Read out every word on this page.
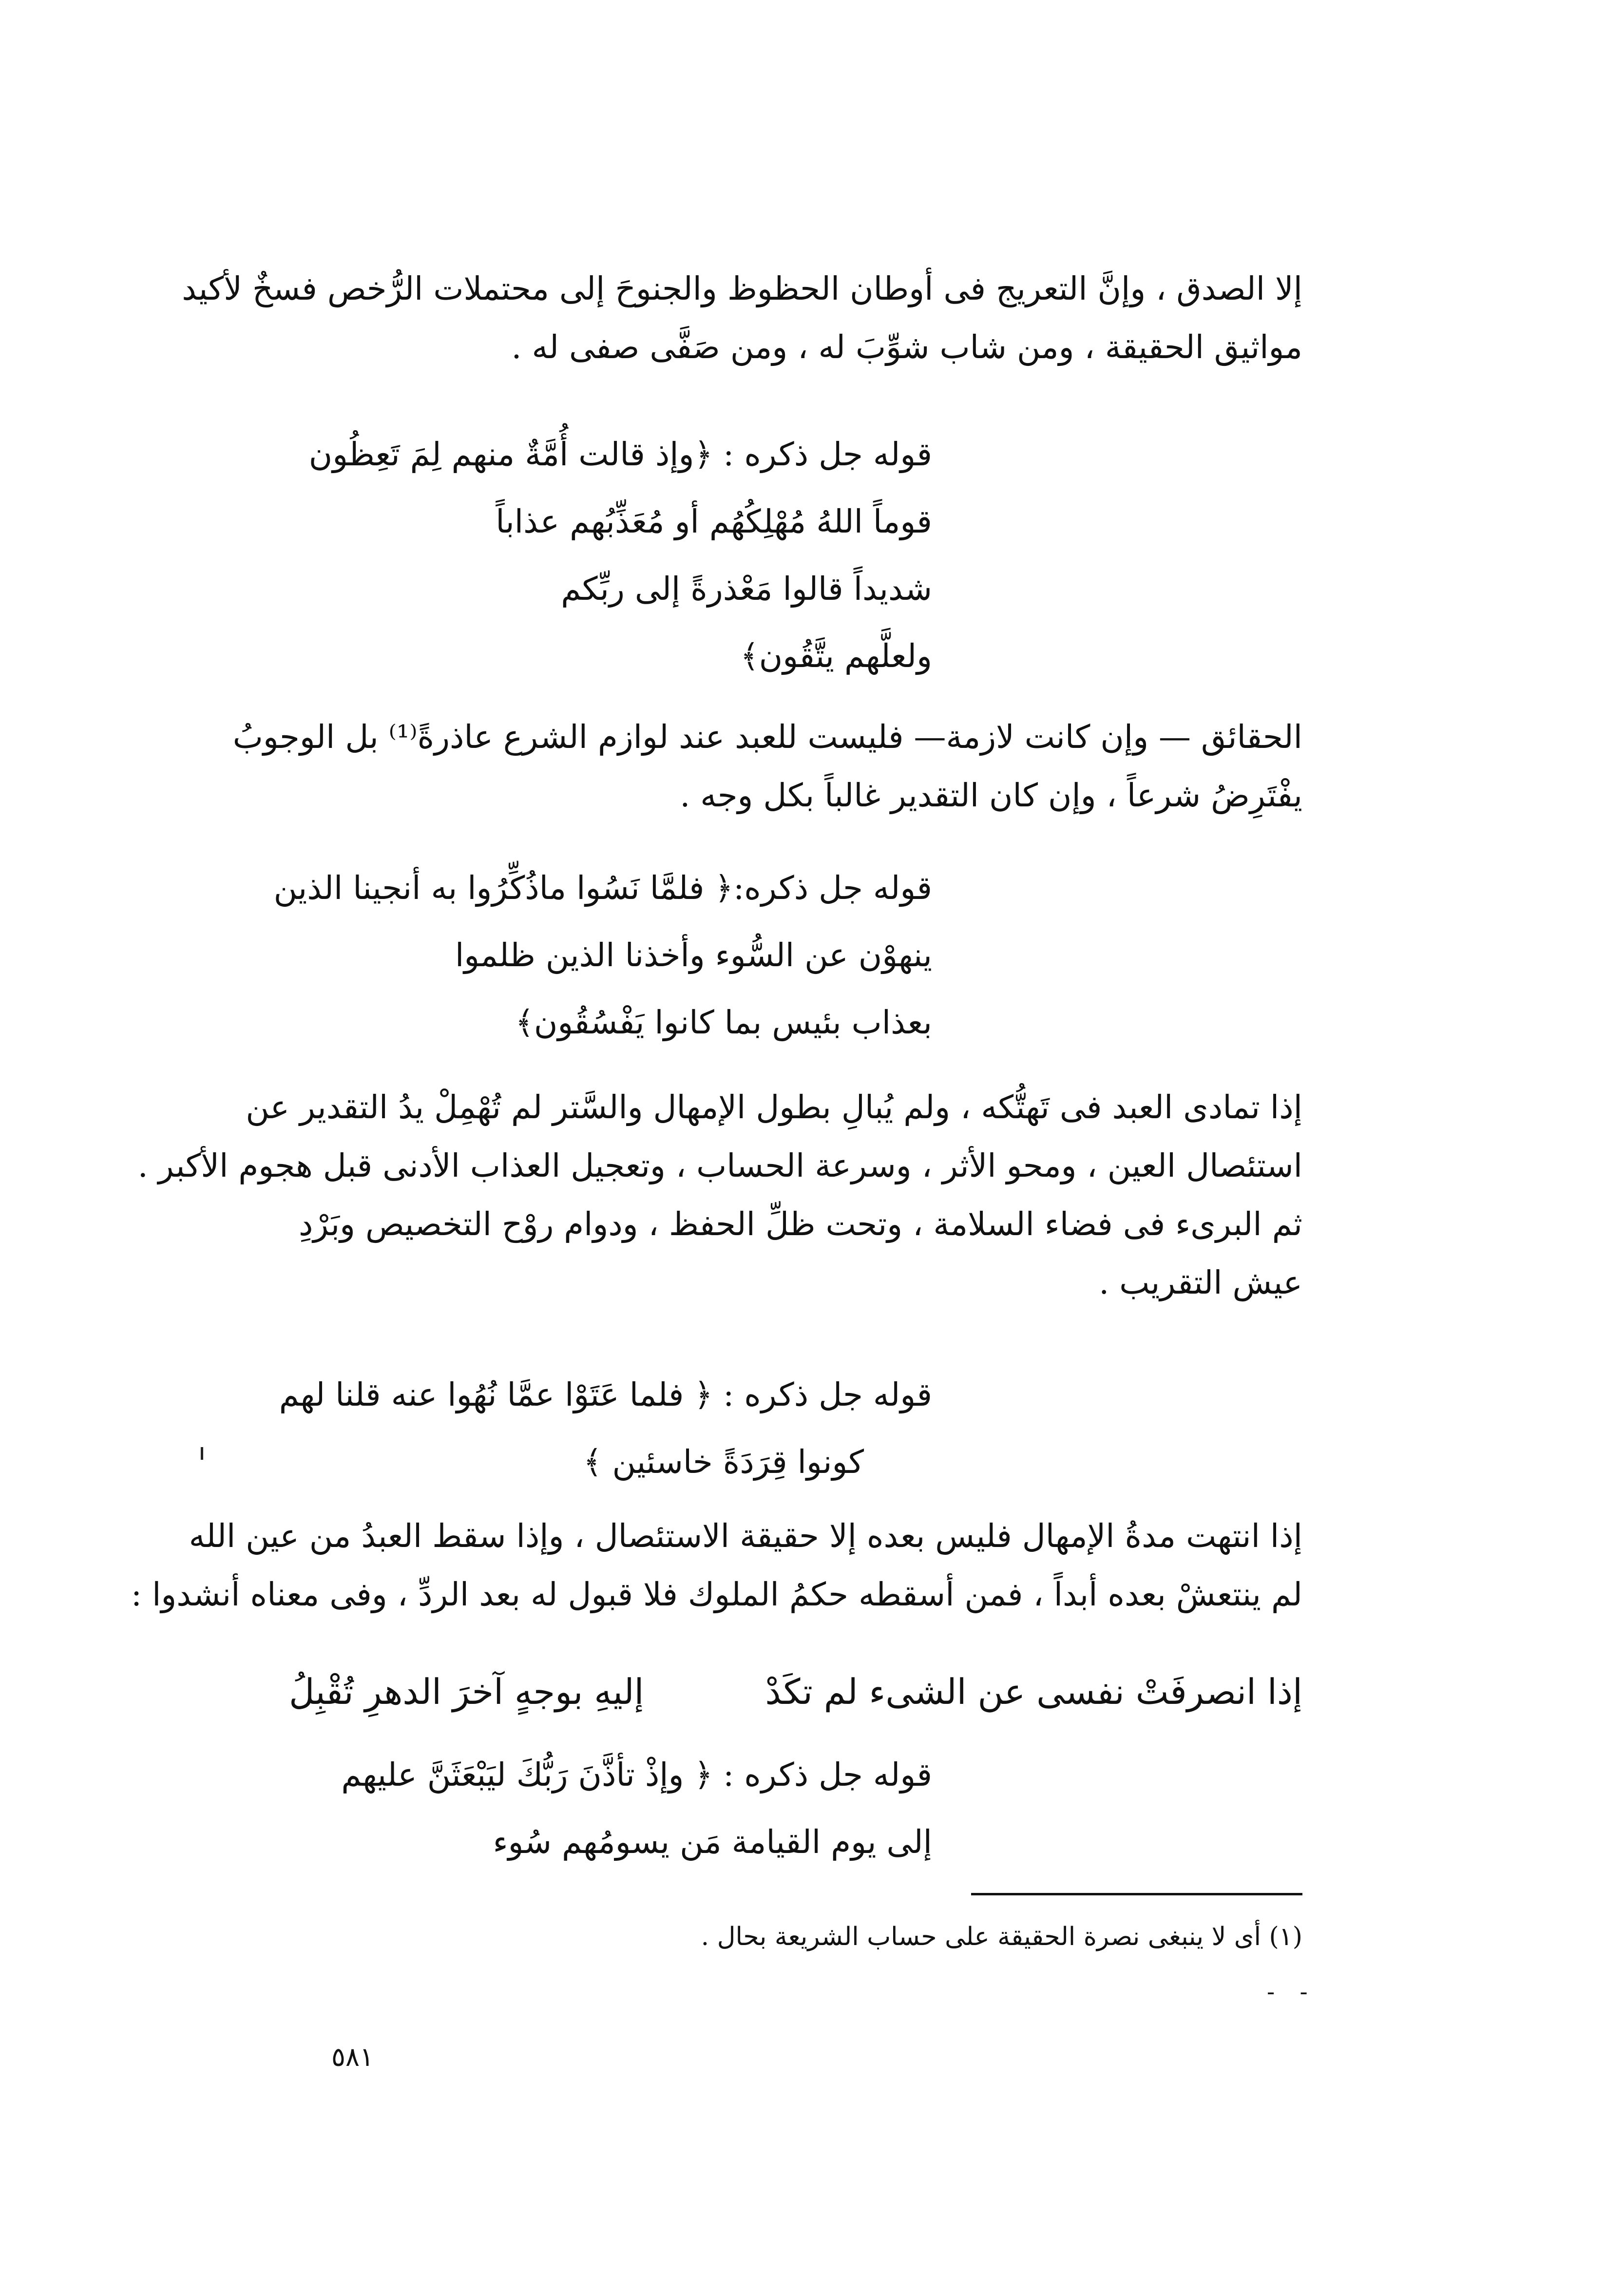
إلا الصدق ، وإنَّ التعريج فى أوطان الحظوظ والجنوحَ إلى محتملات الرُّخص فسخٌ لأكيد
مواثيق الحقيقة ، ومن شاب شوِّبَ له ، ومن صَفَّى صفى له .
قوله جل ذكره : ﴿وإذ قالت أُمَّةٌ منهم لِمَ تَعِظُون
قوماً اللهُ مُهْلِكُهُم أو مُعَذِّبُهم عذاباً
شديداً قالوا مَعْذرةً إلى ربِّكم
ولعلَّهم يتَّقُون﴾
الحقائق — وإن كانت لازمة— فليست للعبد عند لوازم الشرع عاذرةً⁽¹⁾ بل الوجوبُ
يفْتَرِضُ شرعاً ، وإن كان التقدير غالباً بكل وجه .
قوله جل ذكره:﴿ فلمَّا نَسُوا ماذُكِّرُوا به أنجينا الذين
ينهوْن عن السُّوء وأخذنا الذين ظلموا
بعذاب بئيس بما كانوا يَفْسُقُون﴾
إذا تمادى العبد فى تَهتُّكه ، ولم يُبالِ بطول الإمهال والسَّتر لم تُهْمِلْ يدُ التقدير عن
استئصال العين ، ومحو الأثر ، وسرعة الحساب ، وتعجيل العذاب الأدنى قبل هجوم الأكبر .
ثم البرىء فى فضاء السلامة ، وتحت ظلِّ الحفظ ، ودوام روْح التخصيص وبَرْدِ
عيش التقريب .
قوله جل ذكره : ﴿ فلما عَتَوْا عمَّا نُهُوا عنه قلنا لهم
كونوا قِرَدَةً خاسئين ﴾
إذا انتهت مدةُ الإمهال فليس بعده إلا حقيقة الاستئصال ، وإذا سقط العبدُ من عين الله
لم ينتعشْ بعده أبداً ، فمن أسقطه حكمُ الملوك فلا قبول له بعد الردِّ ، وفى معناه أنشدوا :
إذا انصرفَتْ نفسى عن الشىء لم تكَدْ
إليهِ بوجهٍ آخرَ الدهرِ تُقْبِلُ
قوله جل ذكره : ﴿ وإذْ تأذَّنَ رَبُّكَ ليَبْعَثَنَّ عليهم
إلى يوم القيامة مَن يسومُهم سُوء
(١) أى لا ينبغى نصرة الحقيقة على حساب الشريعة بحال .
- -
٥٨١
